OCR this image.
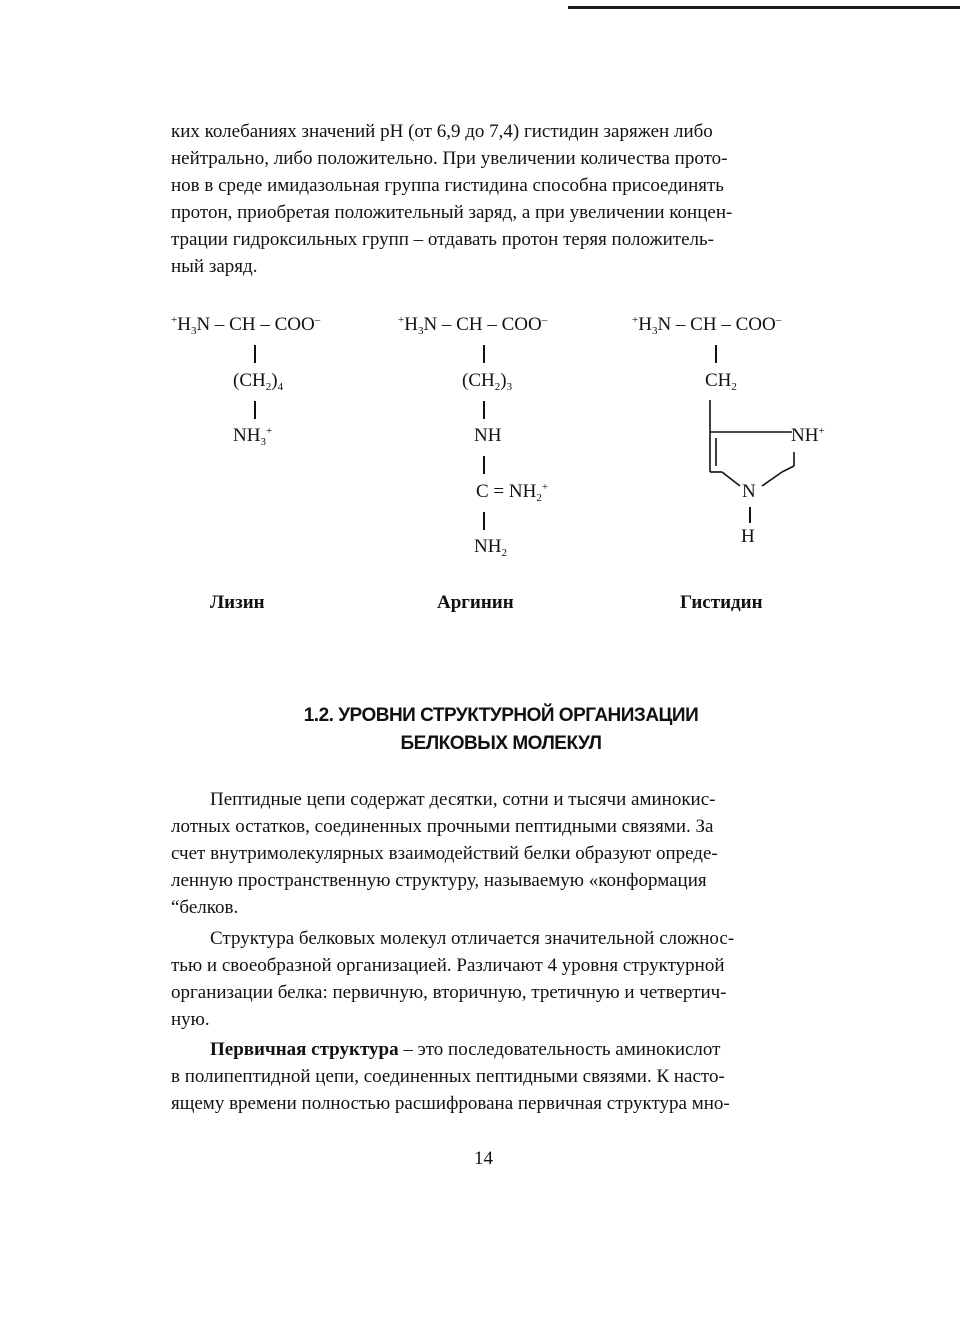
ких колебаниях значений pH (от 6,9 до 7,4) гистидин заряжен либо
нейтрально, либо положительно. При увеличении количества прото-
нов в среде имидазольная группа гистидина способна присоединять
протон, приобретая положительный заряд, а при увеличении концен-
трации гидроксильных групп – отдавать протон теряя положитель-
ный заряд.
$^+H_3N$ – CH – COO–
$(CH_2)_4$
$NH_3^+$
Лизин
$^+H_3N$ – CH – COO–
$(CH_2)_3$
NH
$C = NH_2^+$
$NH_2$
Аргинин
$^+H_3N$ – CH – COO–
$CH_2$
NH+
N
H
Гистидин
1.2. УРОВНИ СТРУКТУРНОЙ ОРГАНИЗАЦИИ
БЕЛКОВЫХ МОЛЕКУЛ
Пептидные цепи содержат десятки, сотни и тысячи аминокис-
лотных остатков, соединенных прочными пептидными связями. За
счет внутримолекулярных взаимодействий белки образуют опреде-
ленную пространственную структуру, называемую «конформация
“белков.
Структура белковых молекул отличается значительной сложнос-
тью и своеобразной организацией. Различают 4 уровня структурной
организации белка: первичную, вторичную, третичную и четвертич-
ную.
Первичная структура – это последовательность аминокислот
в полипептидной цепи, соединенных пептидными связями. К насто-
ящему времени полностью расшифрована первичная структура мно-
14
